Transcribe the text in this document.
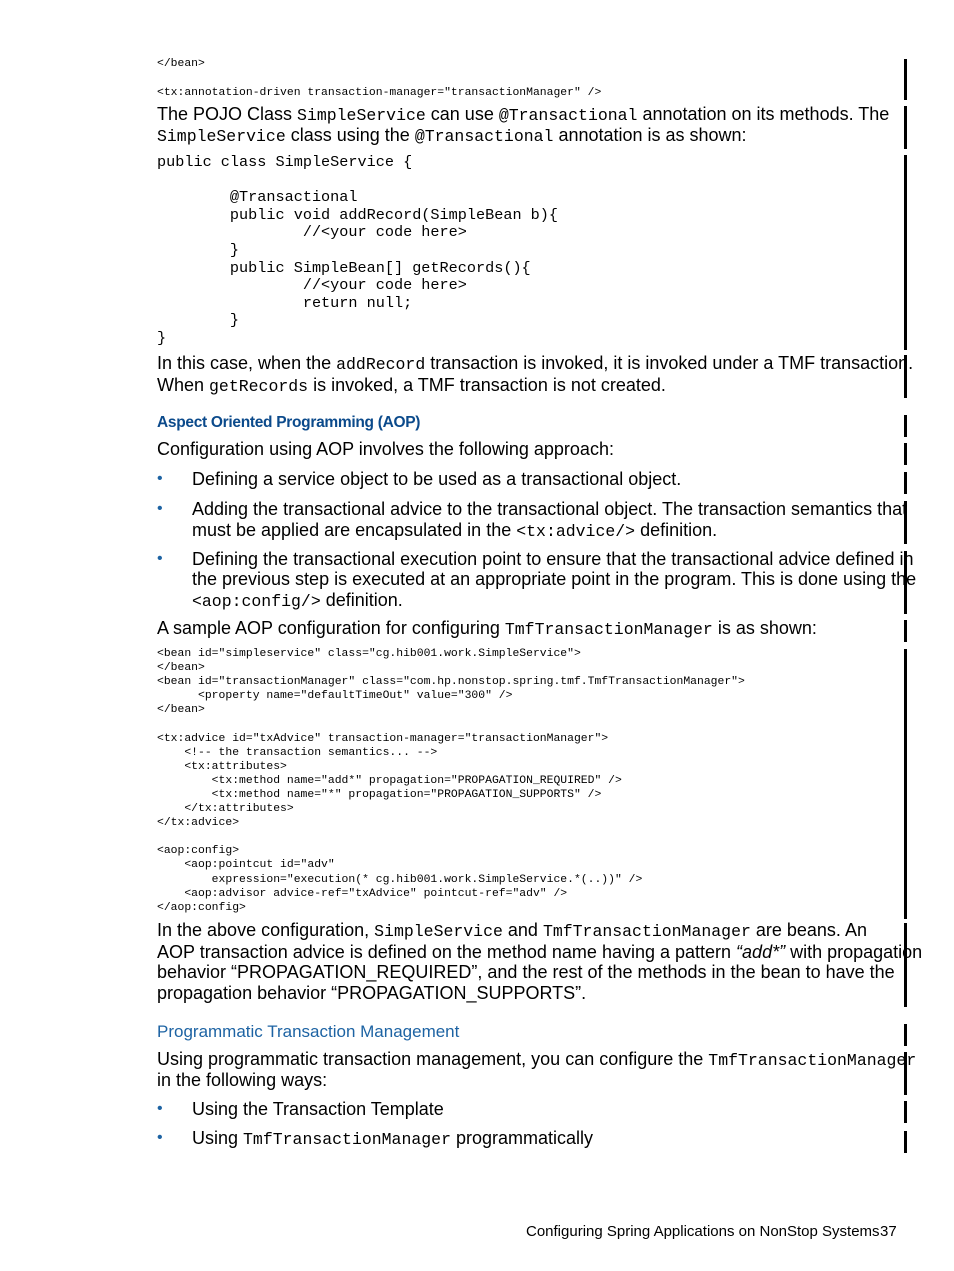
</bean>

<tx:annotation-driven transaction-manager="transactionManager" />
The POJO Class SimpleService can use @Transactional annotation on its methods. The
SimpleService class using the @Transactional annotation is as shown:
public class SimpleService {

@Transactional
public void addRecord(SimpleBean b){
//<your code here>
}
public SimpleBean[] getRecords(){
//<your code here>
return null;
}
}
In this case, when the addRecord transaction is invoked, it is invoked under a TMF transaction.
When getRecords is invoked, a TMF transaction is not created.
Aspect Oriented Programming (AOP)
Configuration using AOP involves the following approach:
• Defining a service object to be used as a transactional object.
• Adding the transactional advice to the transactional object. The transaction semantics that
must be applied are encapsulated in the <tx:advice/> definition.
• Defining the transactional execution point to ensure that the transactional advice defined in
the previous step is executed at an appropriate point in the program. This is done using the
<aop:config/> definition.
A sample AOP configuration for configuring TmfTransactionManager is as shown:
<bean id="simpleservice" class="cg.hib001.work.SimpleService">
</bean>
<bean id="transactionManager" class="com.hp.nonstop.spring.tmf.TmfTransactionManager">
<property name="defaultTimeOut" value="300" />
</bean>

<tx:advice id="txAdvice" transaction-manager="transactionManager">
<!-- the transaction semantics... -->
<tx:attributes>
<tx:method name="add*" propagation="PROPAGATION_REQUIRED" />
<tx:method name="*" propagation="PROPAGATION_SUPPORTS" />
</tx:attributes>
</tx:advice>

<aop:config>
<aop:pointcut id="adv"
expression="execution(* cg.hib001.work.SimpleService.*(..))" />
<aop:advisor advice-ref="txAdvice" pointcut-ref="adv" />
</aop:config>
In the above configuration, SimpleService and TmfTransactionManager are beans. An
AOP transaction advice is defined on the method name having a pattern “add*” with propagation
behavior “PROPAGATION_REQUIRED”, and the rest of the methods in the bean to have the
propagation behavior “PROPAGATION_SUPPORTS”.
Programmatic Transaction Management
Using programmatic transaction management, you can configure the TmfTransactionManager
in the following ways:
• Using the Transaction Template
• Using TmfTransactionManager programmatically
Configuring Spring Applications on NonStop Systems 37
